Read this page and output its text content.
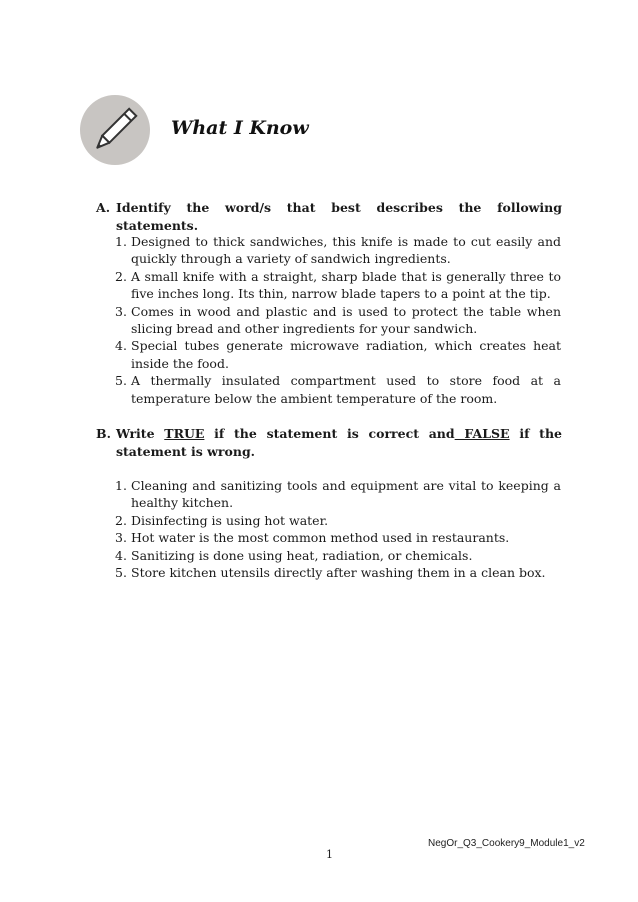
What I Know
A. Identify the word/s that best describes the following statements.
1. Designed to thick sandwiches, this knife is made to cut easily and quickly through a variety of sandwich ingredients.
2. A small knife with a straight, sharp blade that is generally three to five inches long. Its thin, narrow blade tapers to a point at the tip.
3. Comes in wood and plastic and is used to protect the table when slicing bread and other ingredients for your sandwich.
4. Special tubes generate microwave radiation, which creates heat inside the food.
5. A thermally insulated compartment used to store food at a temperature below the ambient temperature of the room.
B. Write TRUE if the statement is correct and FALSE if the statement is wrong.
1. Cleaning and sanitizing tools and equipment are vital to keeping a healthy kitchen.
2. Disinfecting is using hot water.
3. Hot water is the most common method used in restaurants.
4. Sanitizing is done using heat, radiation, or chemicals.
5. Store kitchen utensils directly after washing them in a clean box.
NegOr_Q3_Cookery9_Module1_v2
1
